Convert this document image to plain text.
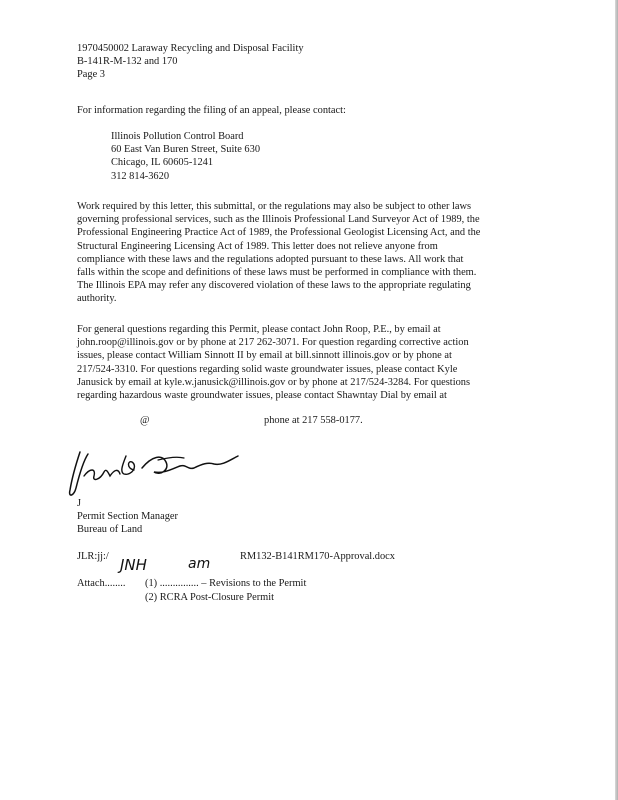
1970450002 Laraway Recycling and Disposal Facility
B-141R-M-132 and 170
Page 3
For information regarding the filing of an appeal, please contact:
Illinois Pollution Control Board
60 East Van Buren Street, Suite 630
Chicago, IL 60605-1241
312 814-3620
Work required by this letter, this submittal, or the regulations may also be subject to other laws
governing professional services, such as the Illinois Professional Land Surveyor Act of 1989, the
Professional Engineering Practice Act of 1989, the Professional Geologist Licensing Act, and the
Structural Engineering Licensing Act of 1989. This letter does not relieve anyone from
compliance with these laws and the regulations adopted pursuant to these laws. All work that
falls within the scope and definitions of these laws must be performed in compliance with them.
The Illinois EPA may refer any discovered violation of these laws to the appropriate regulating
authority.
For general questions regarding this Permit, please contact John Roop, P.E., by email at
john.roop@illinois.gov or by phone at 217 262-3071. For question regarding corrective action
issues, please contact William Sinnott II by email at bill.sinnott illinois.gov or by phone at
217/524-3310. For questions regarding solid waste groundwater issues, please contact Kyle
Janusick by email at kyle.w.janusick@illinois.gov or by phone at 217/524-3284. For questions
regarding hazardous waste groundwater issues, please contact Shawntay Dial by email at
@	phone at 217 558-0177.
J
Permit Section Manager
Bureau of Land
JLR:jj:/	RM132-B141RM170-Approval.docx
JNH	am
Attach........ (1) ............... – Revisions to the Permit
(2) RCRA Post-Closure Permit
